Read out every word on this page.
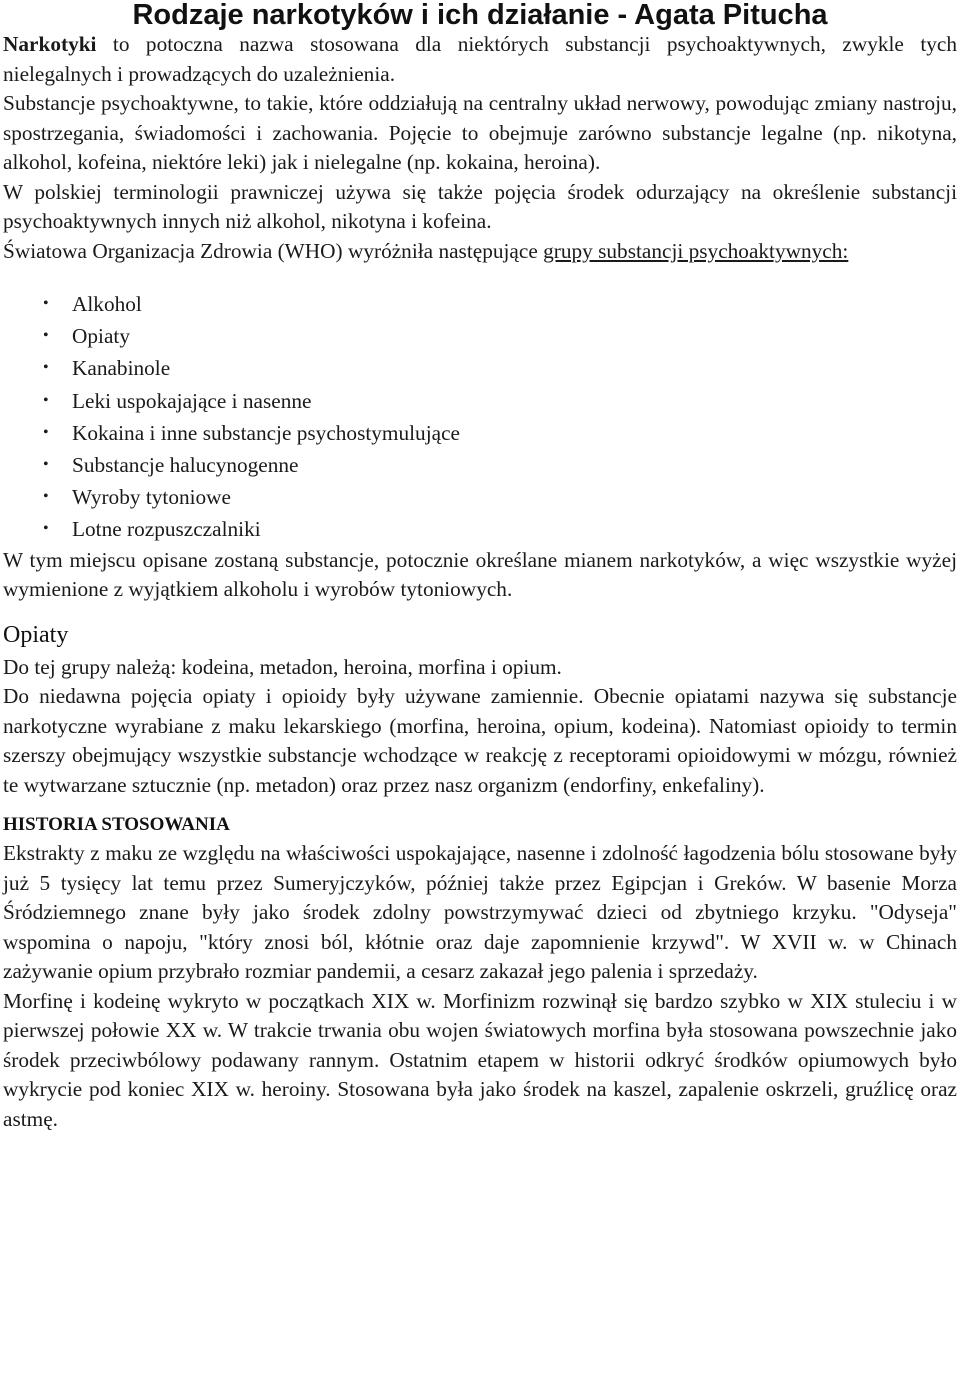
Rodzaje narkotyków i ich działanie - Agata Pitucha

Narkotyki to potoczna nazwa stosowana dla niektórych substancji psychoaktywnych, zwykle tych nielegalnych i prowadzących do uzależnienia.

Substancje psychoaktywne, to takie, które oddziałują na centralny układ nerwowy, powodując zmiany nastroju, spostrzegania, świadomości i zachowania. Pojęcie to obejmuje zarówno substancje legalne (np. nikotyna, alkohol, kofeina, niektóre leki) jak i nielegalne (np. kokaina, heroina).

W polskiej terminologii prawniczej używa się także pojęcia środek odurzający na określenie substancji psychoaktywnych innych niż alkohol, nikotyna i kofeina.

Światowa Organizacja Zdrowia (WHO) wyróżniła następujące grupy substancji psychoaktywnych:

• Alkohol
• Opiaty
• Kanabinole
• Leki uspokajające i nasenne
• Kokaina i inne substancje psychostymulujące
• Substancje halucynogenne
• Wyroby tytoniowe
• Lotne rozpuszczalniki

W tym miejscu opisane zostaną substancje, potocznie określane mianem narkotyków, a więc wszystkie wyżej wymienione z wyjątkiem alkoholu i wyrobów tytoniowych.

Opiaty

Do tej grupy należą: kodeina, metadon, heroina, morfina i opium.

Do niedawna pojęcia opiaty i opioidy były używane zamiennie. Obecnie opiatami nazywa się substancje narkotyczne wyrabiane z maku lekarskiego (morfina, heroina, opium, kodeina). Natomiast opioidy to termin szerszy obejmujący wszystkie substancje wchodzące w reakcję z receptorami opioidowymi w mózgu, również te wytwarzane sztucznie (np. metadon) oraz przez nasz organizm (endorfiny, enkefaliny).

HISTORIA STOSOWANIA

Ekstrakty z maku ze względu na właściwości uspokajające, nasenne i zdolność łagodzenia bólu stosowane były już 5 tysięcy lat temu przez Sumeryjczyków, później także przez Egipcjan i Greków. W basenie Morza Śródziemnego znane były jako środek zdolny powstrzymywać dzieci od zbytniego krzyku. "Odyseja" wspomina o napoju, "który znosi ból, kłótnie oraz daje zapomnienie krzywd". W XVII w. w Chinach zażywanie opium przybrało rozmiar pandemii, a cesarz zakazał jego palenia i sprzedaży.

Morfinę i kodeinę wykryto w początkach XIX w. Morfinizm rozwinął się bardzo szybko w XIX stuleciu i w pierwszej połowie XX w. W trakcie trwania obu wojen światowych morfina była stosowana powszechnie jako środek przeciwbólowy podawany rannym. Ostatnim etapem w historii odkryć środków opiumowych było wykrycie pod koniec XIX w. heroiny. Stosowana była jako środek na kaszel, zapalenie oskrzeli, gruźlicę oraz astmę.
